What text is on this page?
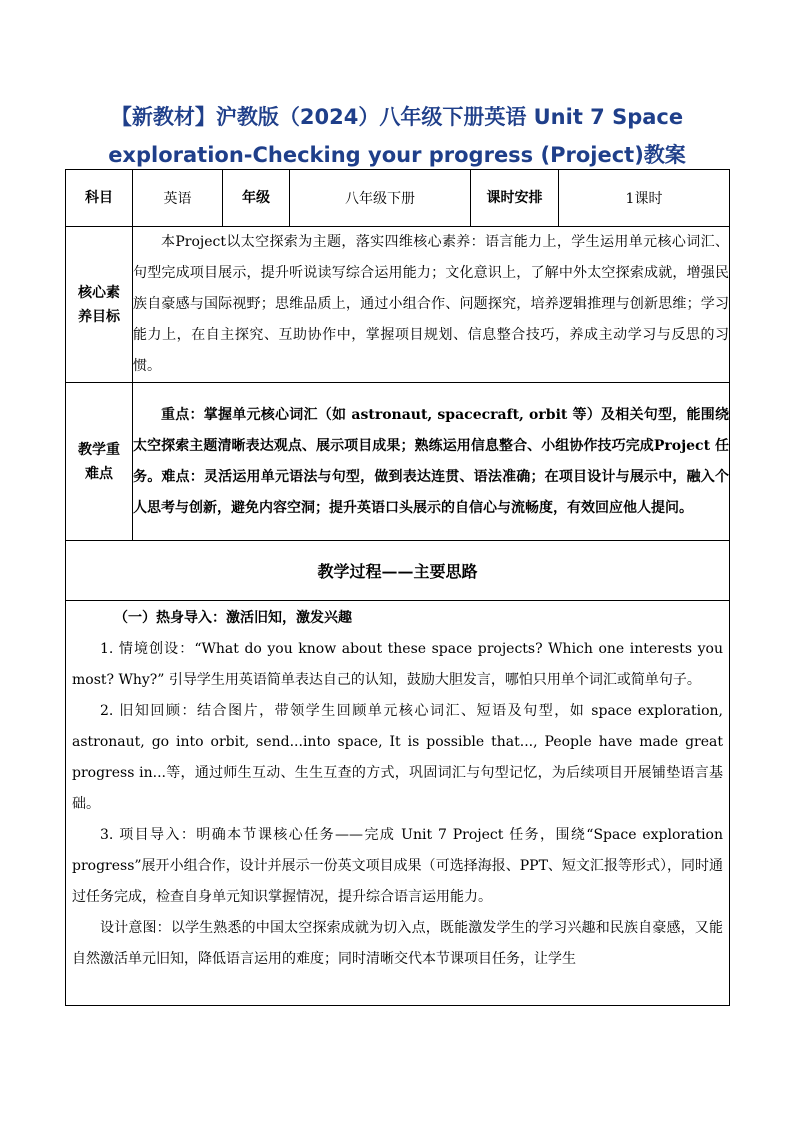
【新教材】沪教版（2024）八年级下册英语 Unit 7 Space
exploration-Checking your progress (Project)教案
科目	英语	年级	八年级下册	课时安排	1课时
核心素养目标	本Project以太空探索为主题，落实四维核心素养：语言能力上，学生运用单元核心词汇、句型完成项目展示，提升听说读写综合运用能力；文化意识上，了解中外太空探索成就，增强民族自豪感与国际视野；思维品质上，通过小组合作、问题探究，培养逻辑推理与创新思维；学习能力上，在自主探究、互助协作中，掌握项目规划、信息整合技巧，养成主动学习与反思的习惯。				
教学重难点	重点：掌握单元核心词汇（如 astronaut, spacecraft, orbit 等）及相关句型，能围绕太空探索主题清晰表达观点、展示项目成果；熟练运用信息整合、小组协作技巧完成Project 任务。难点：灵活运用单元语法与句型，做到表达连贯、语法准确；在项目设计与展示中，融入个人思考与创新，避免内容空洞；提升英语口头展示的自信心与流畅度，有效回应他人提问。				
教学过程——主要思路					

（一）热身导入：激活旧知，激发兴趣

1. 情境创设：“What do you know about these space projects? Which one interests you most? Why?” 引导学生用英语简单表达自己的认知，鼓励大胆发言，哪怕只用单个词汇或简单句子。

2. 旧知回顾：结合图片，带领学生回顾单元核心词汇、短语及句型，如 space exploration, astronaut, go into orbit, send...into space, It is possible that..., People have made great progress in...等，通过师生互动、生生互查的方式，巩固词汇与句型记忆，为后续项目开展铺垫语言基础。

3. 项目导入：明确本节课核心任务——完成 Unit 7 Project 任务，围绕“Space exploration progress”展开小组合作，设计并展示一份英文项目成果（可选择海报、PPT、短文汇报等形式），同时通过任务完成，检查自身单元知识掌握情况，提升综合语言运用能力。

设计意图：以学生熟悉的中国太空探索成就为切入点，既能激发学生的学习兴趣和民族自豪感，又能自然激活单元旧知，降低语言运用的难度；同时清晰交代本节课项目任务，让学生					
